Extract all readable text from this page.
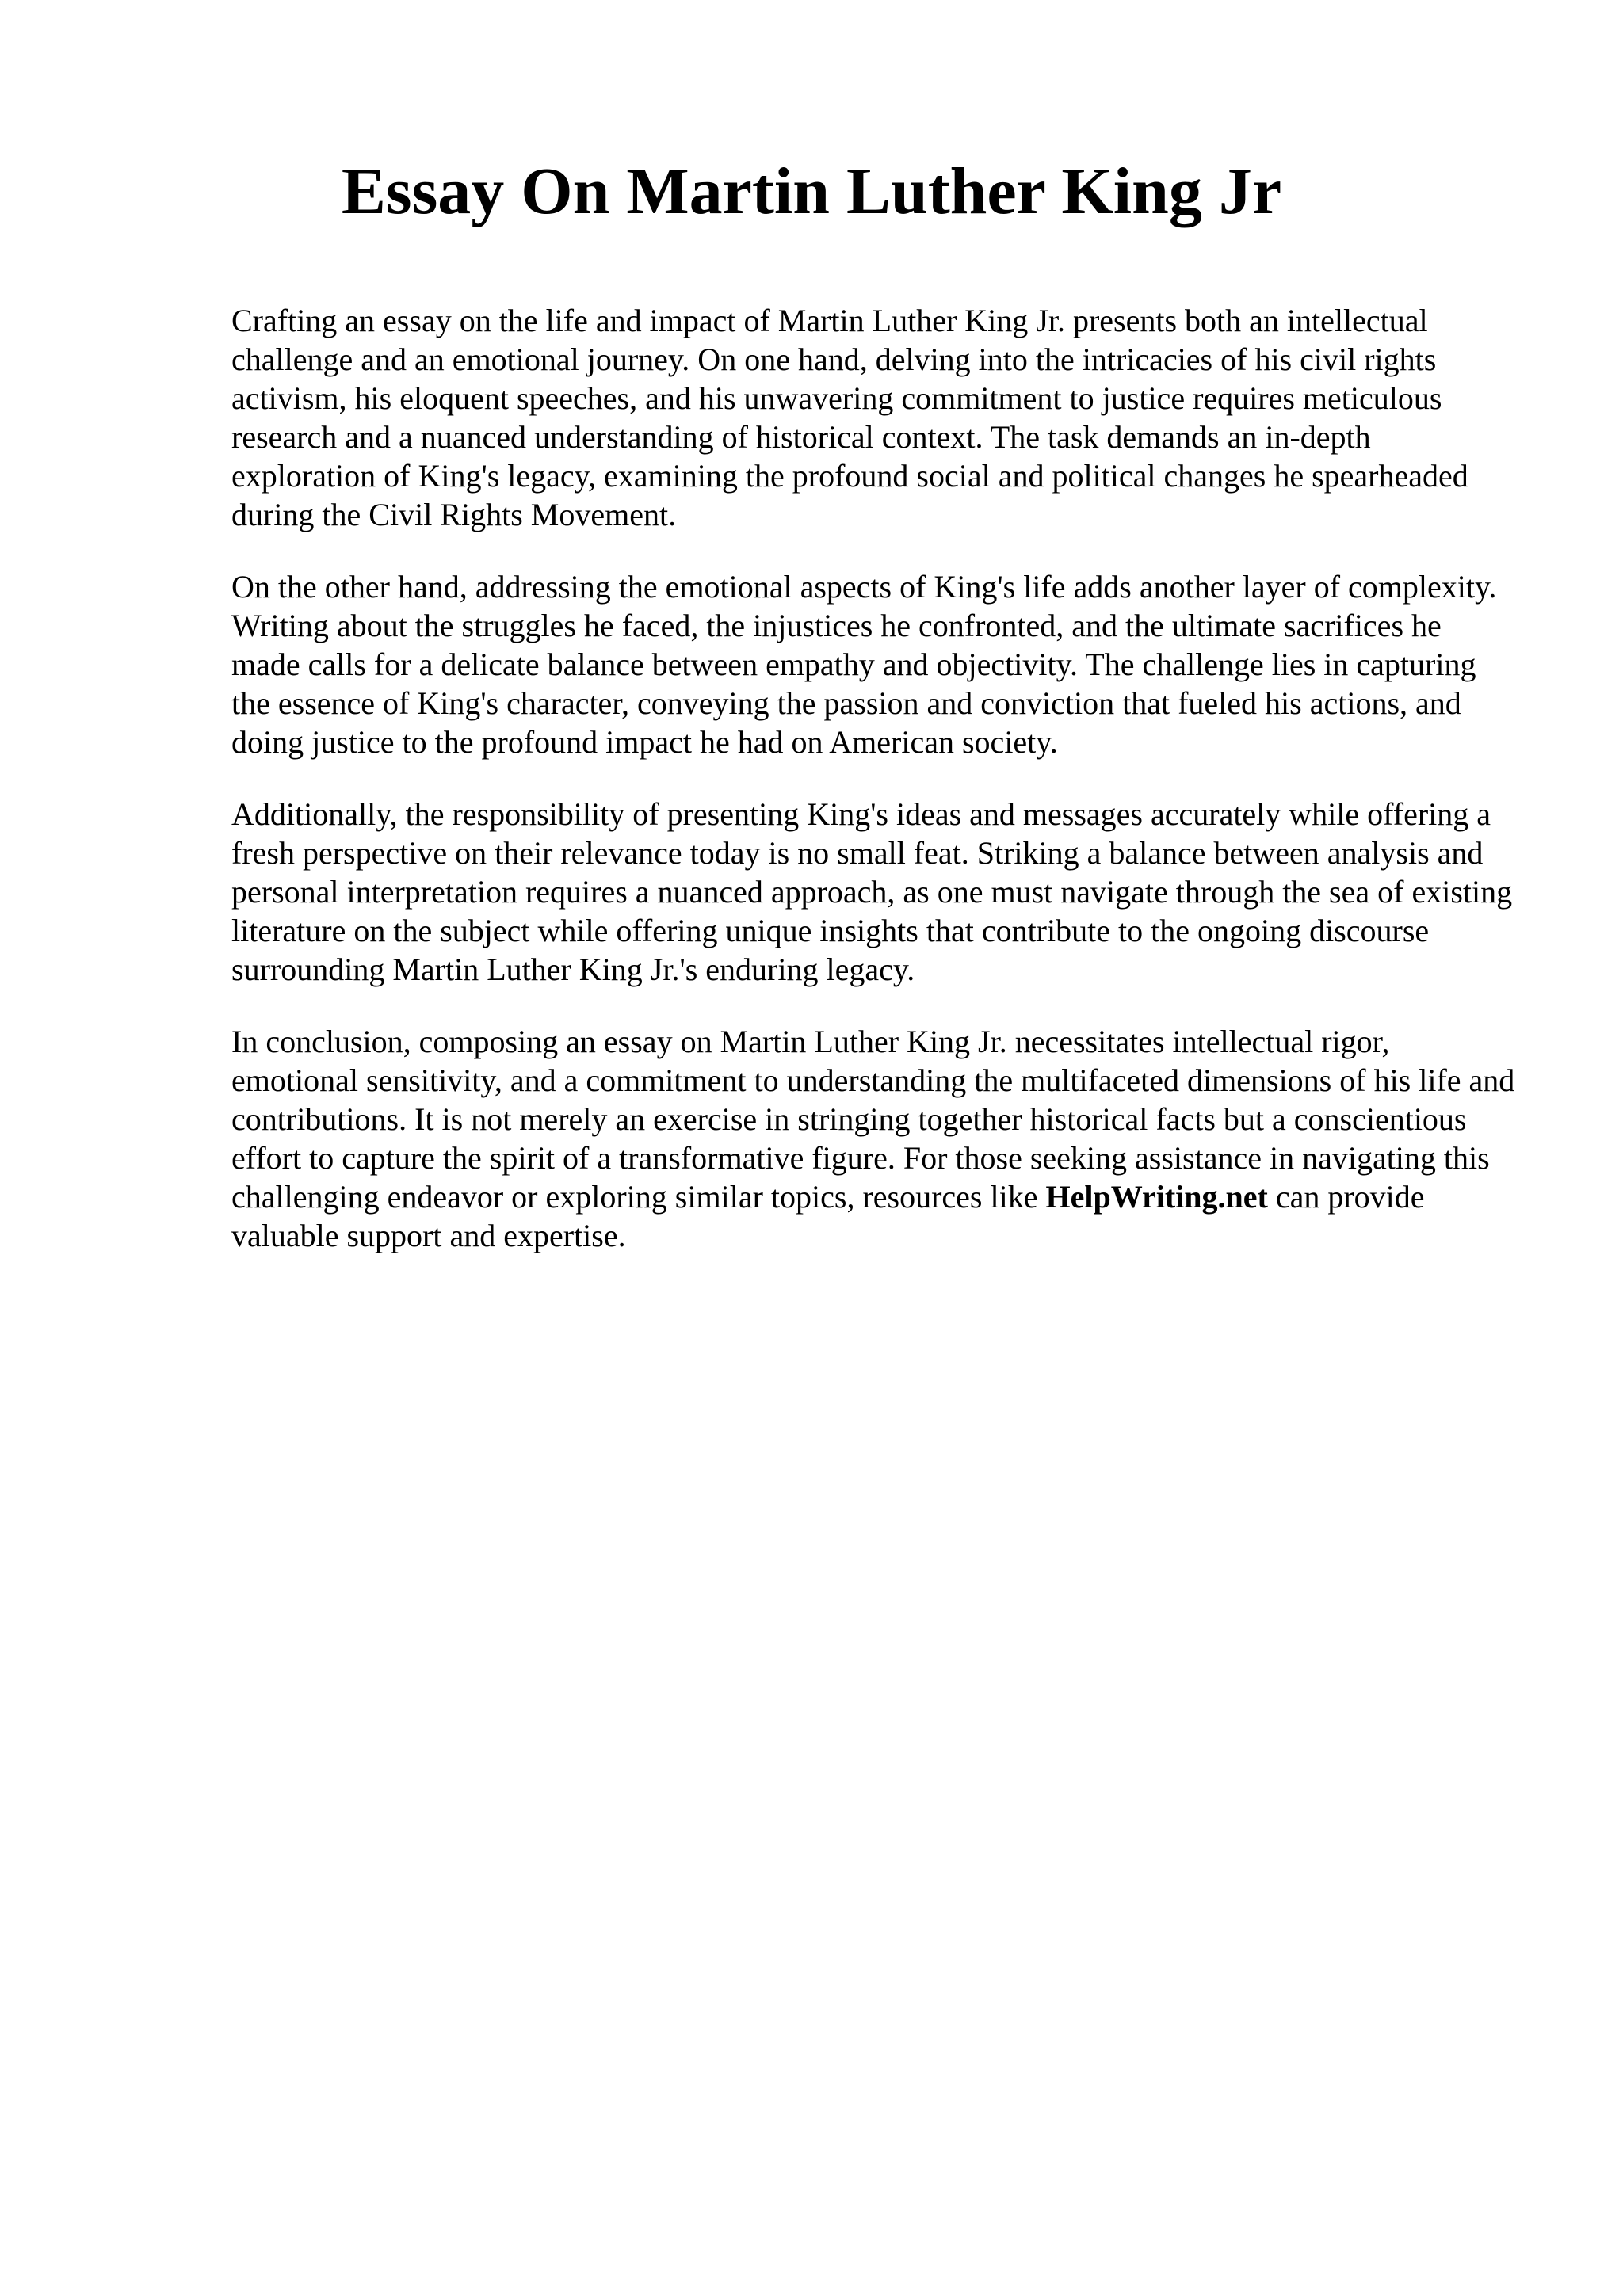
Essay On Martin Luther King Jr

Crafting an essay on the life and impact of Martin Luther King Jr. presents both an intellectual challenge and an emotional journey. On one hand, delving into the intricacies of his civil rights activism, his eloquent speeches, and his unwavering commitment to justice requires meticulous research and a nuanced understanding of historical context. The task demands an in-depth exploration of King's legacy, examining the profound social and political changes he spearheaded during the Civil Rights Movement.

On the other hand, addressing the emotional aspects of King's life adds another layer of complexity. Writing about the struggles he faced, the injustices he confronted, and the ultimate sacrifices he made calls for a delicate balance between empathy and objectivity. The challenge lies in capturing the essence of King's character, conveying the passion and conviction that fueled his actions, and doing justice to the profound impact he had on American society.

Additionally, the responsibility of presenting King's ideas and messages accurately while offering a fresh perspective on their relevance today is no small feat. Striking a balance between analysis and personal interpretation requires a nuanced approach, as one must navigate through the sea of existing literature on the subject while offering unique insights that contribute to the ongoing discourse surrounding Martin Luther King Jr.'s enduring legacy.

In conclusion, composing an essay on Martin Luther King Jr. necessitates intellectual rigor, emotional sensitivity, and a commitment to understanding the multifaceted dimensions of his life and contributions. It is not merely an exercise in stringing together historical facts but a conscientious effort to capture the spirit of a transformative figure. For those seeking assistance in navigating this challenging endeavor or exploring similar topics, resources like HelpWriting.net can provide valuable support and expertise.
